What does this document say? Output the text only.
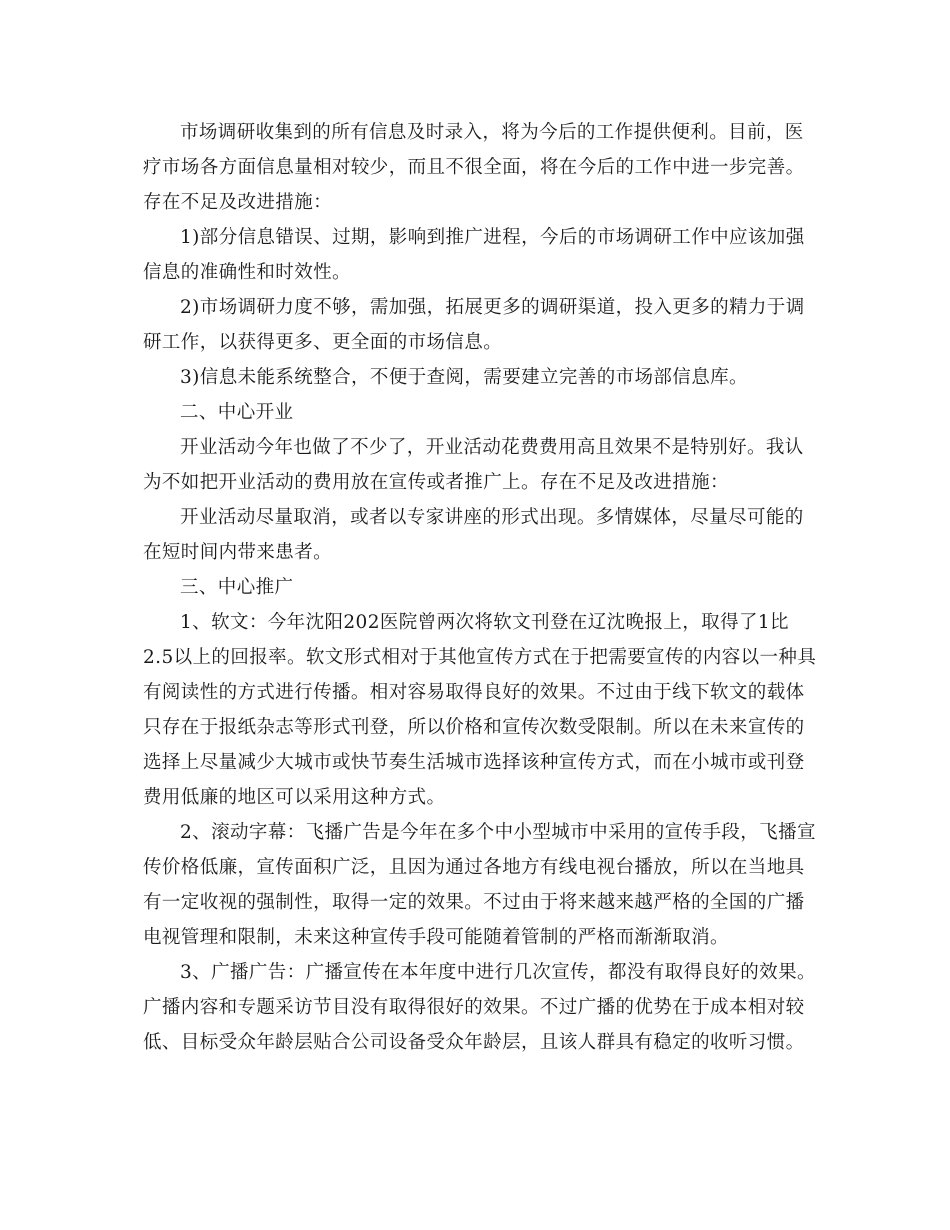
市场调研收集到的所有信息及时录入，将为今后的工作提供便利。目前，医
疗市场各方面信息量相对较少，而且不很全面，将在今后的工作中进一步完善。
存在不足及改进措施：
1)部分信息错误、过期，影响到推广进程，今后的市场调研工作中应该加强
信息的准确性和时效性。
2)市场调研力度不够，需加强，拓展更多的调研渠道，投入更多的精力于调
研工作，以获得更多、更全面的市场信息。
3)信息未能系统整合，不便于查阅，需要建立完善的市场部信息库。
二、中心开业
开业活动今年也做了不少了，开业活动花费费用高且效果不是特别好。我认
为不如把开业活动的费用放在宣传或者推广上。存在不足及改进措施：
开业活动尽量取消，或者以专家讲座的形式出现。多情媒体，尽量尽可能的
在短时间内带来患者。
三、中心推广
1、软文：今年沈阳202医院曾两次将软文刊登在辽沈晚报上，取得了1比
2.5以上的回报率。软文形式相对于其他宣传方式在于把需要宣传的内容以一种具
有阅读性的方式进行传播。相对容易取得良好的效果。不过由于线下软文的载体
只存在于报纸杂志等形式刊登，所以价格和宣传次数受限制。所以在未来宣传的
选择上尽量减少大城市或快节奏生活城市选择该种宣传方式，而在小城市或刊登
费用低廉的地区可以采用这种方式。
2、滚动字幕：飞播广告是今年在多个中小型城市中采用的宣传手段，飞播宣
传价格低廉，宣传面积广泛，且因为通过各地方有线电视台播放，所以在当地具
有一定收视的强制性，取得一定的效果。不过由于将来越来越严格的全国的广播
电视管理和限制，未来这种宣传手段可能随着管制的严格而渐渐取消。
3、广播广告：广播宣传在本年度中进行几次宣传，都没有取得良好的效果。
广播内容和专题采访节目没有取得很好的效果。不过广播的优势在于成本相对较
低、目标受众年龄层贴合公司设备受众年龄层，且该人群具有稳定的收听习惯。
